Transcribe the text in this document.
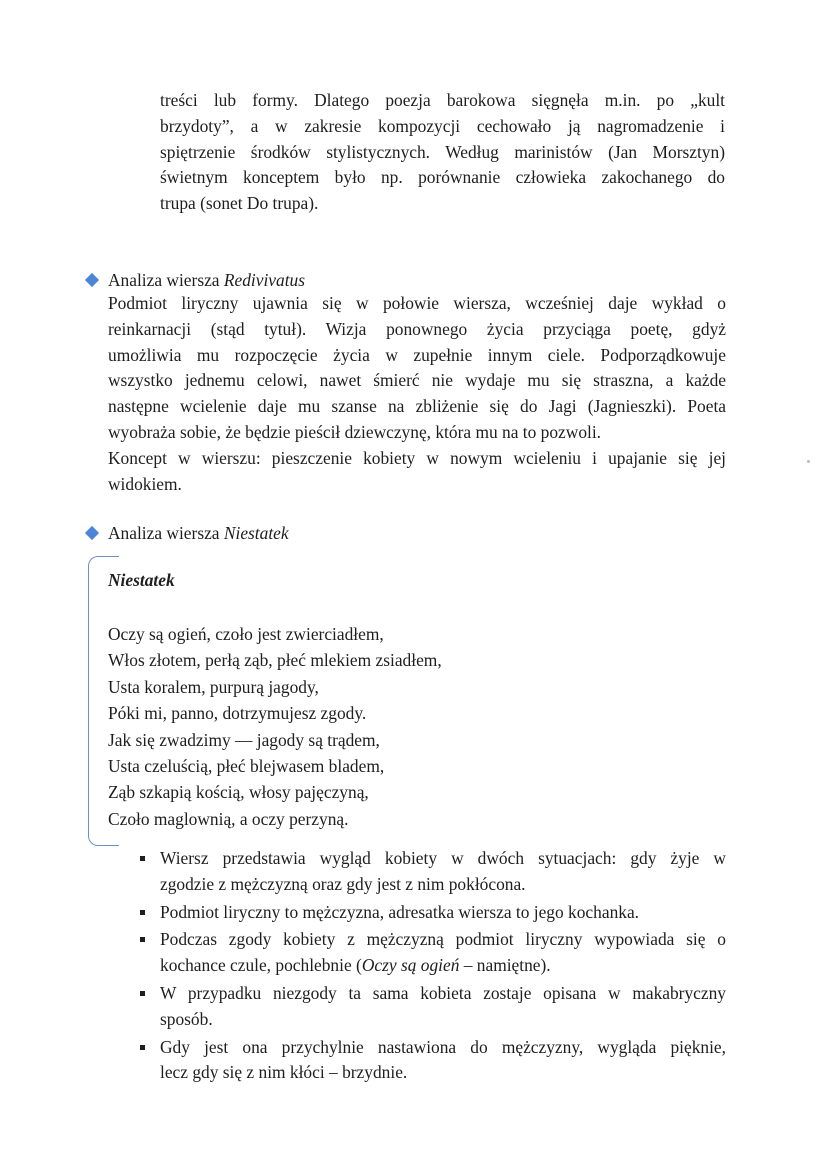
treści lub formy. Dlatego poezja barokowa sięgnęła m.in. po „kult
brzydoty”, a w zakresie kompozycji cechowało ją nagromadzenie i
spiętrzenie środków stylistycznych. Według marinistów (Jan Morsztyn)
świetnym konceptem było np. porównanie człowieka zakochanego do
trupa (sonet Do trupa).

Analiza wiersza Redivivatus

Podmiot liryczny ujawnia się w połowie wiersza, wcześniej daje wykład o
reinkarnacji (stąd tytuł). Wizja ponownego życia przyciąga poetę, gdyż
umożliwia mu rozpoczęcie życia w zupełnie innym ciele. Podporządkowuje
wszystko jednemu celowi, nawet śmierć nie wydaje mu się straszna, a każde
następne wcielenie daje mu szanse na zbliżenie się do Jagi (Jagnieszki). Poeta
wyobraża sobie, że będzie pieścił dziewczynę, która mu na to pozwoli.
Koncept w wierszu: pieszczenie kobiety w nowym wcieleniu i upajanie się jej
widokiem.

Analiza wiersza Niestatek
Niestatek
Oczy są ogień, czoło jest zwierciadłem,
Włos złotem, perłą ząb, płeć mlekiem zsiadłem,
Usta koralem, purpurą jagody,
Póki mi, panno, dotrzymujesz zgody.
Jak się zwadzimy — jagody są trądem,
Usta czeluścią, płeć blejwasem bladem,
Ząb szkapią kością, włosy pajęczyną,
Czoło maglownią, a oczy perzyną.
Wiersz przedstawia wygląd kobiety w dwóch sytuacjach: gdy żyje w
zgodzie z mężczyzną oraz gdy jest z nim pokłócona.
Podmiot liryczny to mężczyzna, adresatka wiersza to jego kochanka.
Podczas zgody kobiety z mężczyzną podmiot liryczny wypowiada się o
kochance czule, pochlebnie (Oczy są ogień – namiętne).
W przypadku niezgody ta sama kobieta zostaje opisana w makabryczny
sposób.
Gdy jest ona przychylnie nastawiona do mężczyzny, wygląda pięknie,
lecz gdy się z nim kłóci – brzydnie.
